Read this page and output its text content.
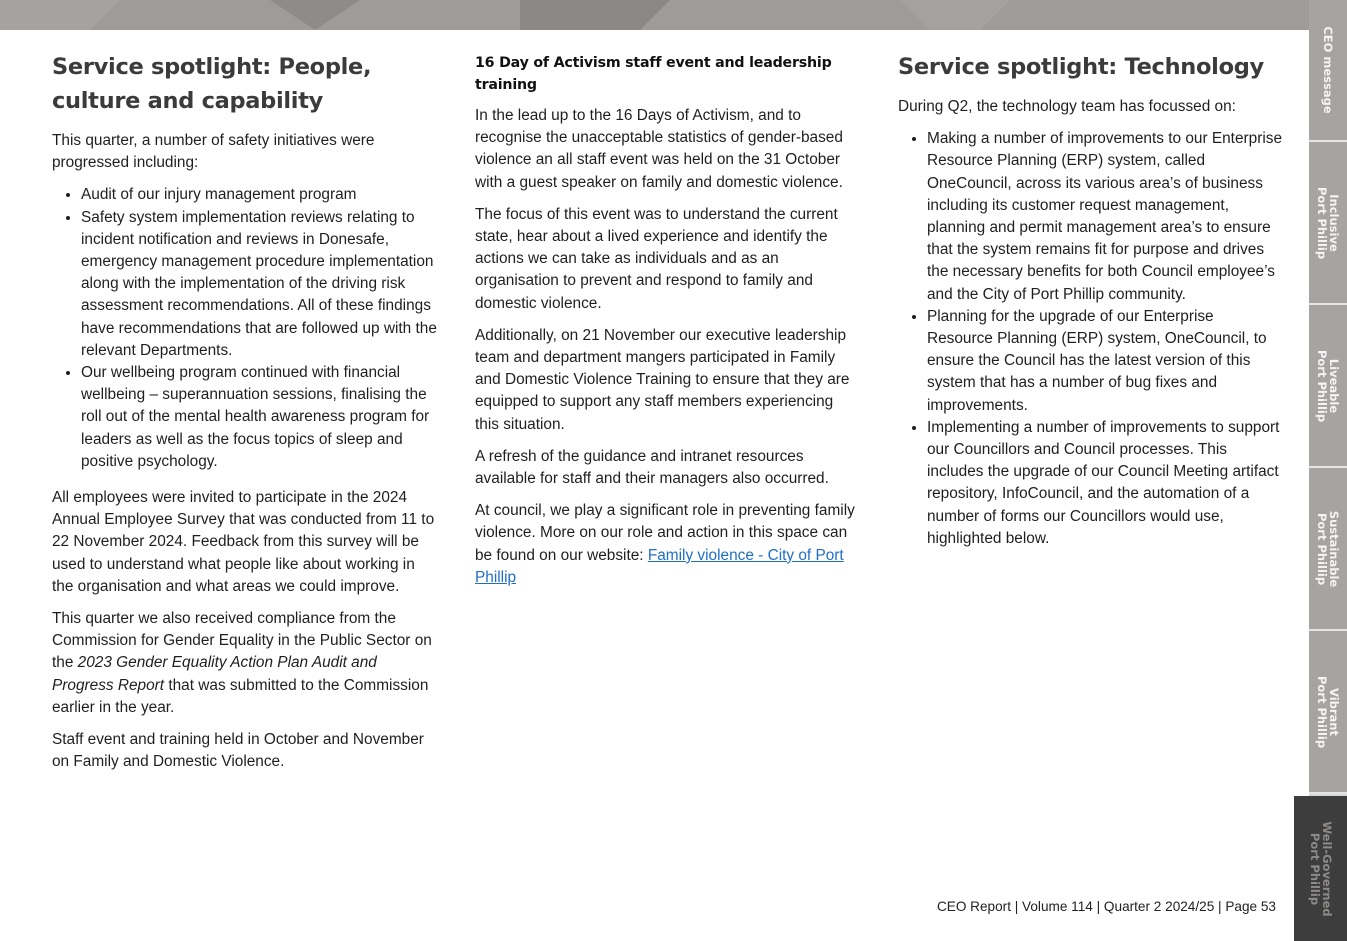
Service spotlight: People, culture and capability

This quarter, a number of safety initiatives were progressed including:

• Audit of our injury management program
• Safety system implementation reviews relating to incident notification and reviews in Donesafe, emergency management procedure implementation along with the implementation of the driving risk assessment recommendations. All of these findings have recommendations that are followed up with the relevant Departments.
• Our wellbeing program continued with financial wellbeing – superannuation sessions, finalising the roll out of the mental health awareness program for leaders as well as the focus topics of sleep and positive psychology.

All employees were invited to participate in the 2024 Annual Employee Survey that was conducted from 11 to 22 November 2024. Feedback from this survey will be used to understand what people like about working in the organisation and what areas we could improve.

This quarter we also received compliance from the Commission for Gender Equality in the Public Sector on the 2023 Gender Equality Action Plan Audit and Progress Report that was submitted to the Commission earlier in the year.

Staff event and training held in October and November on Family and Domestic Violence.

16 Day of Activism staff event and leadership training

In the lead up to the 16 Days of Activism, and to recognise the unacceptable statistics of gender-based violence an all staff event was held on the 31 October with a guest speaker on family and domestic violence.

The focus of this event was to understand the current state, hear about a lived experience and identify the actions we can take as individuals and as an organisation to prevent and respond to family and domestic violence.

Additionally, on 21 November our executive leadership team and department mangers participated in Family and Domestic Violence Training to ensure that they are equipped to support any staff members experiencing this situation.

A refresh of the guidance and intranet resources available for staff and their managers also occurred.

At council, we play a significant role in preventing family violence. More on our role and action in this space can be found on our website: Family violence - City of Port Phillip

Service spotlight: Technology

During Q2, the technology team has focussed on:

• Making a number of improvements to our Enterprise Resource Planning (ERP) system, called OneCouncil, across its various area’s of business including its customer request management, planning and permit management area’s to ensure that the system remains fit for purpose and drives the necessary benefits for both Council employee’s and the City of Port Phillip community.
• Planning for the upgrade of our Enterprise Resource Planning (ERP) system, OneCouncil, to ensure the Council has the latest version of this system that has a number of bug fixes and improvements.
• Implementing a number of improvements to support our Councillors and Council processes. This includes the upgrade of our Council Meeting artifact repository, InfoCouncil, and the automation of a number of forms our Councillors would use, highlighted below.
CEO Report | Volume 114 | Quarter 2 2024/25 | Page 53
CEO message
Inclusive
Port Phillip
Liveable
Port Phillip
Sustainable
Port Phillip
Vibrant
Port Phillip
Well-Governed
Port Phillip
